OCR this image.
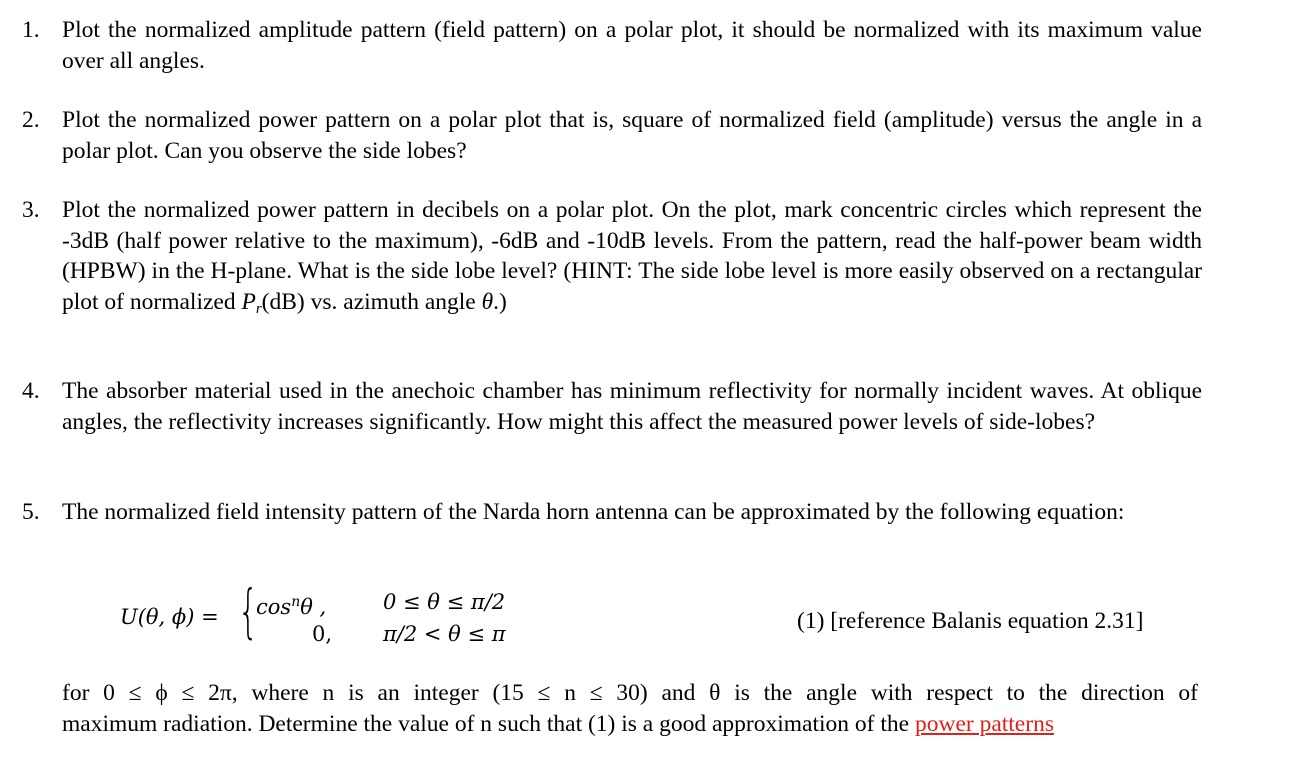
1. Plot the normalized amplitude pattern (field pattern) on a polar plot, it should be normalized with its maximum value over all angles.
2. Plot the normalized power pattern on a polar plot that is, square of normalized field (amplitude) versus the angle in a polar plot. Can you observe the side lobes?
3. Plot the normalized power pattern in decibels on a polar plot. On the plot, mark concentric circles which represent the -3dB (half power relative to the maximum), -6dB and -10dB levels. From the pattern, read the half-power beam width (HPBW) in the H-plane. What is the side lobe level? (HINT: The side lobe level is more easily observed on a rectangular plot of normalized $P_r(dB)$ vs. azimuth angle θ.)
4. The absorber material used in the anechoic chamber has minimum reflectivity for normally incident waves. At oblique angles, the reflectivity increases significantly. How might this affect the measured power levels of side-lobes?
5. The normalized field intensity pattern of the Narda horn antenna can be approximated by the following equation:
U(θ, ϕ) = {
$\cos^n\theta$ ,
0,
0 ≤ θ ≤ π/2
π/2 < θ ≤ π	(1) [reference Balanis equation 2.31]
for 0 ≤ ϕ ≤ 2π, where n is an integer (15 ≤ n ≤ 30) and θ is the angle with respect to the direction of
maximum radiation. Determine the value of n such that (1) is a good approximation of the power patterns
